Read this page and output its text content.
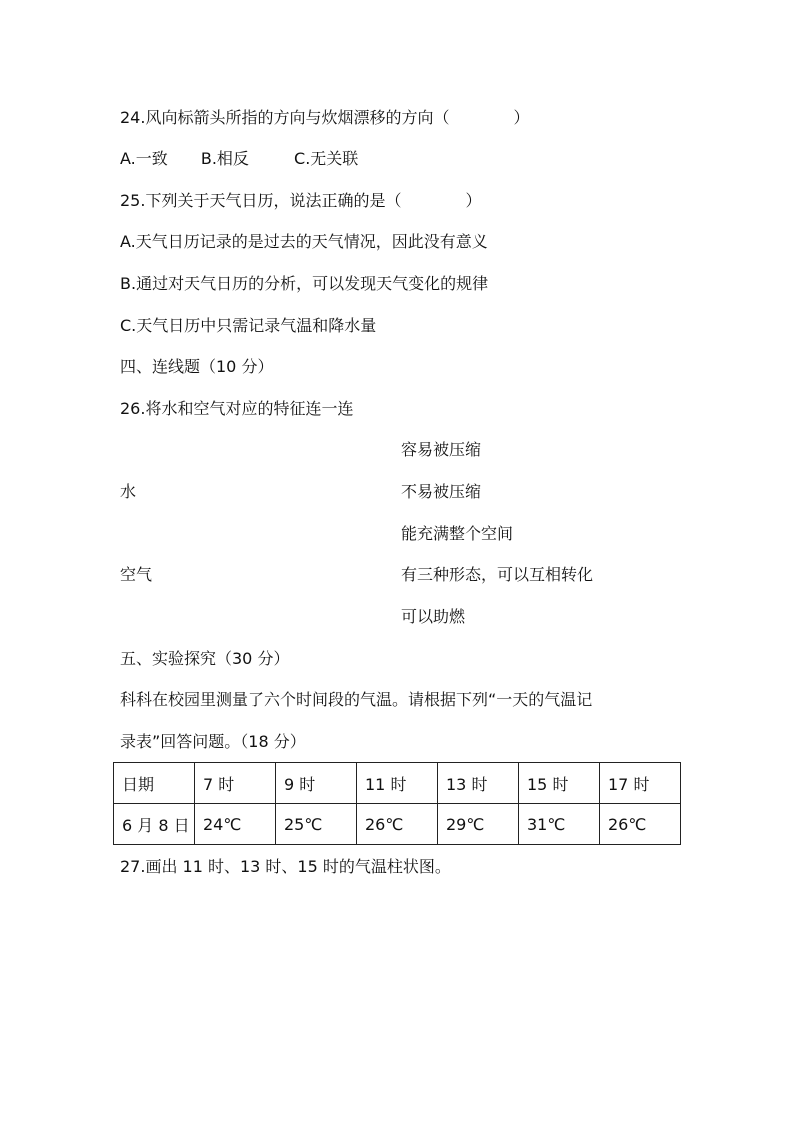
24.风向标箭头所指的方向与炊烟漂移的方向（　　　　）
A.一致 B.相反	C.无关联
25.下列关于天气日历，说法正确的是（　　　　）
A.天气日历记录的是过去的天气情况，因此没有意义
B.通过对天气日历的分析，可以发现天气变化的规律
C.天气日历中只需记录气温和降水量
四、连线题（10 分）
26.将水和空气对应的特征连一连
容易被压缩
水	不易被压缩
能充满整个空间
空气	有三种形态，可以互相转化
可以助燃
五、实验探究（30 分）
科科在校园里测量了六个时间段的气温。请根据下列“一天的气温记
录表”回答问题。（18 分）
日期	7 时	9 时	11 时	13 时	15 时	17 时
6 月 8 日	24℃	25℃	26℃	29℃	31℃	26℃
27.画出 11 时、13 时、15 时的气温柱状图。
